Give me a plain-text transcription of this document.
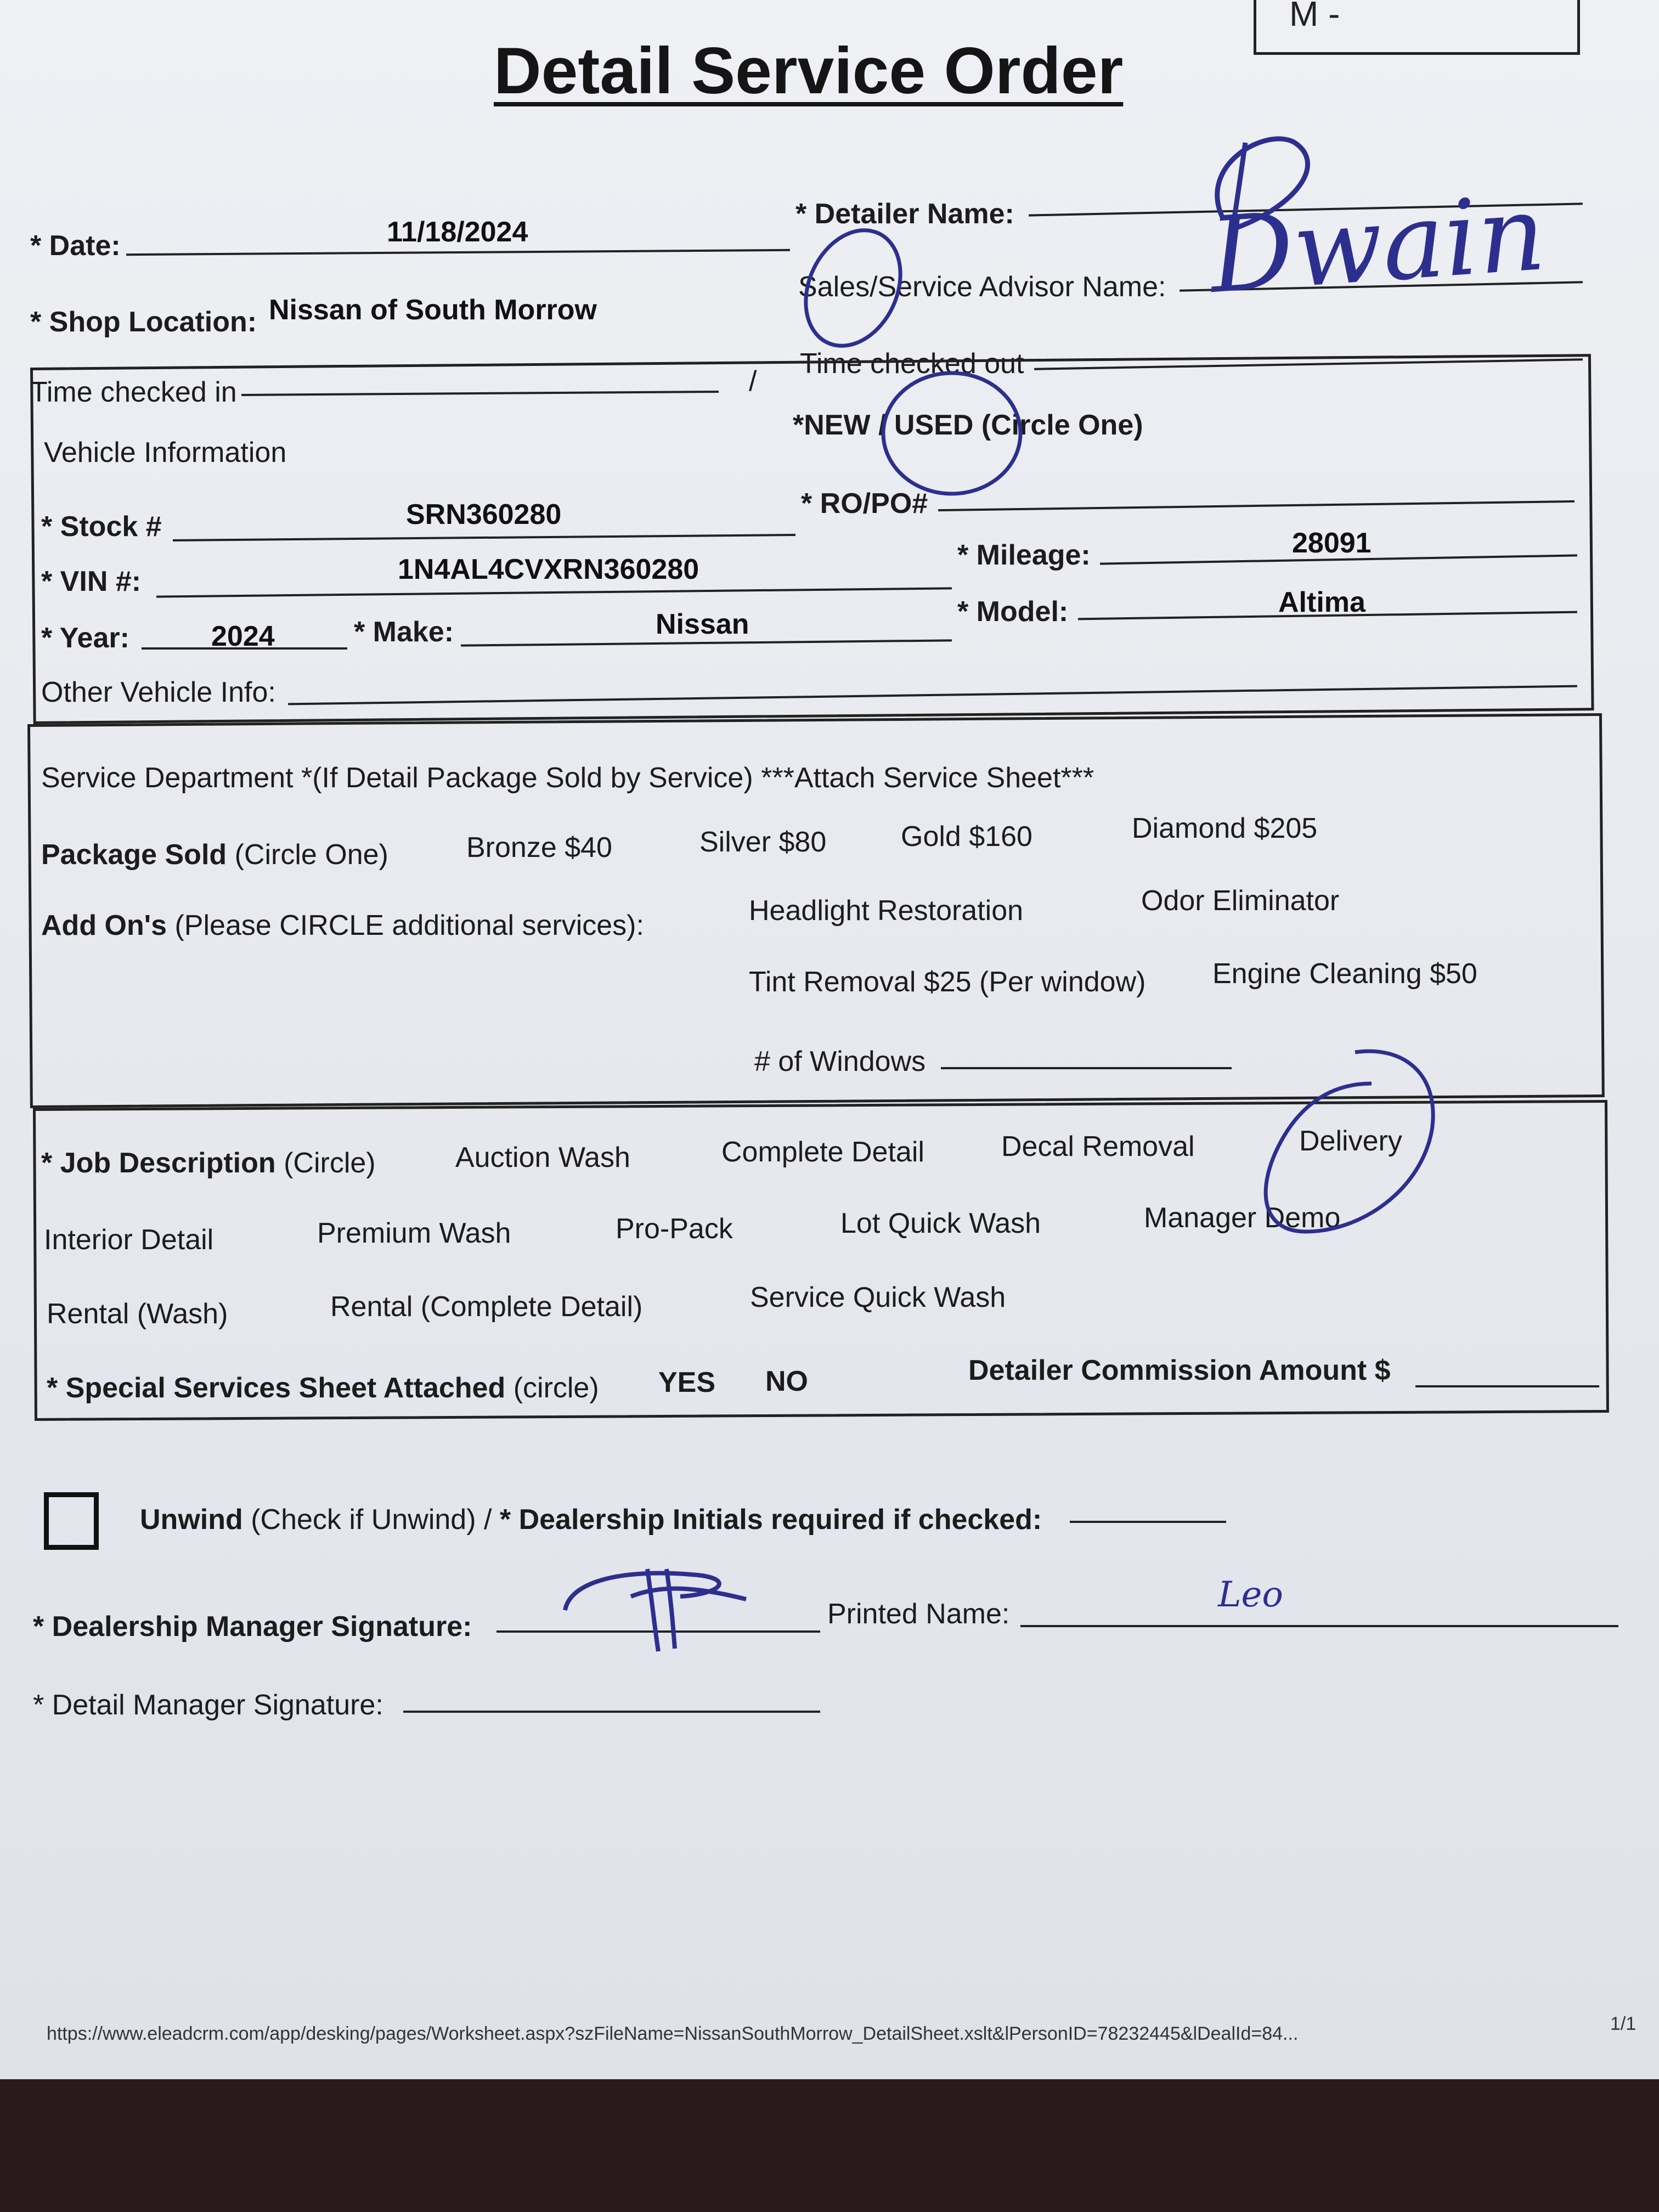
M -
Detail Service Order
* Date:	11/18/2024
* Detailer Name:
* Shop Location: Nissan of South Morrow
Sales/Service Advisor Name: Dwain
Time checked in	/
Time checked out
Vehicle Information
*NEW / USED (Circle One)
* Stock #	SRN360280	* RO/PO#
* VIN #:	1N4AL4CVXRN360280	* Mileage:	28091
* Year:	2024	* Make:	Nissan	* Model:	Altima
Other Vehicle Info:
Service Department *(If Detail Package Sold by Service) ***Attach Service Sheet***
Package Sold (Circle One)	Bronze $40	Silver $80	Gold $160	Diamond $205
Add On's (Please CIRCLE additional services):	Headlight Restoration	Odor Eliminator
Tint Removal $25 (Per window) Engine Cleaning $50
# of Windows
* Job Description (Circle)	Auction Wash	Complete Detail	Decal Removal	Delivery
Interior Detail	Premium Wash	Pro-Pack	Lot Quick Wash	Manager Demo
Rental (Wash)	Rental (Complete Detail)	Service Quick Wash
* Special Services Sheet Attached (circle) YES NO	Detailer Commission Amount $
Unwind (Check if Unwind) / * Dealership Initials required if checked:
* Dealership Manager Signature:	Printed Name:	Leo
* Detail Manager Signature:
https://www.eleadcrm.com/app/desking/pages/Worksheet.aspx?szFileName=NissanSouthMorrow_DetailSheet.xslt&lPersonID=78232445&lDealId=84...	1/1
